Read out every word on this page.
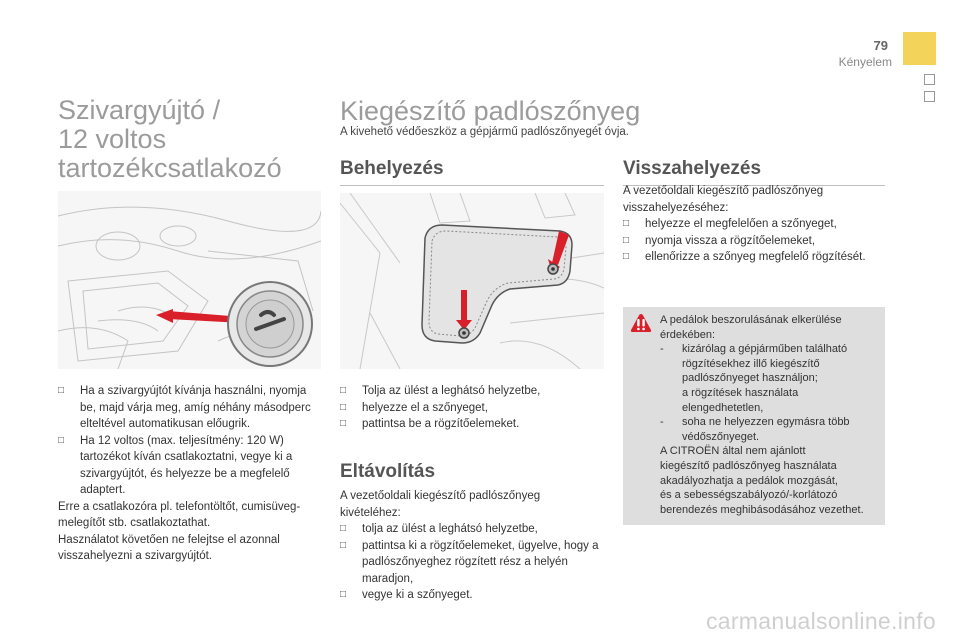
79
Kényelem
Szivargyújtó /
12 voltos
tartozékcsatlakozó
□ Ha a szivargyújtót kívánja használni, nyomja be, majd várja meg, amíg néhány másodperc elteltével automatikusan előugrik.
□ Ha 12 voltos (max. teljesítmény: 120 W) tartozékot kíván csatlakoztatni, vegye ki a szivargyújtót, és helyezze be a megfelelő adaptert.
Erre a csatlakozóra pl. telefontöltőt, cumisüveg-
melegítőt stb. csatlakoztathat.
Használatot követően ne felejtse el azonnal
visszahelyezni a szivargyújtót.
Kiegészítő padlószőnyeg
A kivehető védőeszköz a gépjármű padlószőnyegét óvja.
Behelyezés
□ Tolja az ülést a leghátsó helyzetbe,
□ helyezze el a szőnyeget,
□ pattintsa be a rögzítőelemeket.
Eltávolítás
A vezetőoldali kiegészítő padlószőnyeg kivételéhez:
□ tolja az ülést a leghátsó helyzetbe,
□ pattintsa ki a rögzítőelemeket, ügyelve, hogy a padlószőnyeghez rögzített rész a helyén maradjon,
□ vegye ki a szőnyeget.
Visszahelyezés
A vezetőoldali kiegészítő padlószőnyeg visszahelyezéséhez:
□ helyezze el megfelelően a szőnyeget,
□ nyomja vissza a rögzítőelemeket,
□ ellenőrizze a szőnyeg megfelelő rögzítését.
A pedálok beszorulásának elkerülése
érdekében:
- kizárólag a gépjárműben található
rögzítésekhez illő kiegészítő
padlószőnyeget használjon;
a rögzítések használata
elengedhetetlen,
- soha ne helyezzen egymásra több
védőszőnyeget.
A CITROËN által nem ajánlott
kiegészítő padlószőnyeg használata
akadályozhatja a pedálok mozgását,
és a sebességszabályozó/-korlátozó
berendezés meghibásodásához vezethet.
carmanualsonline.info
